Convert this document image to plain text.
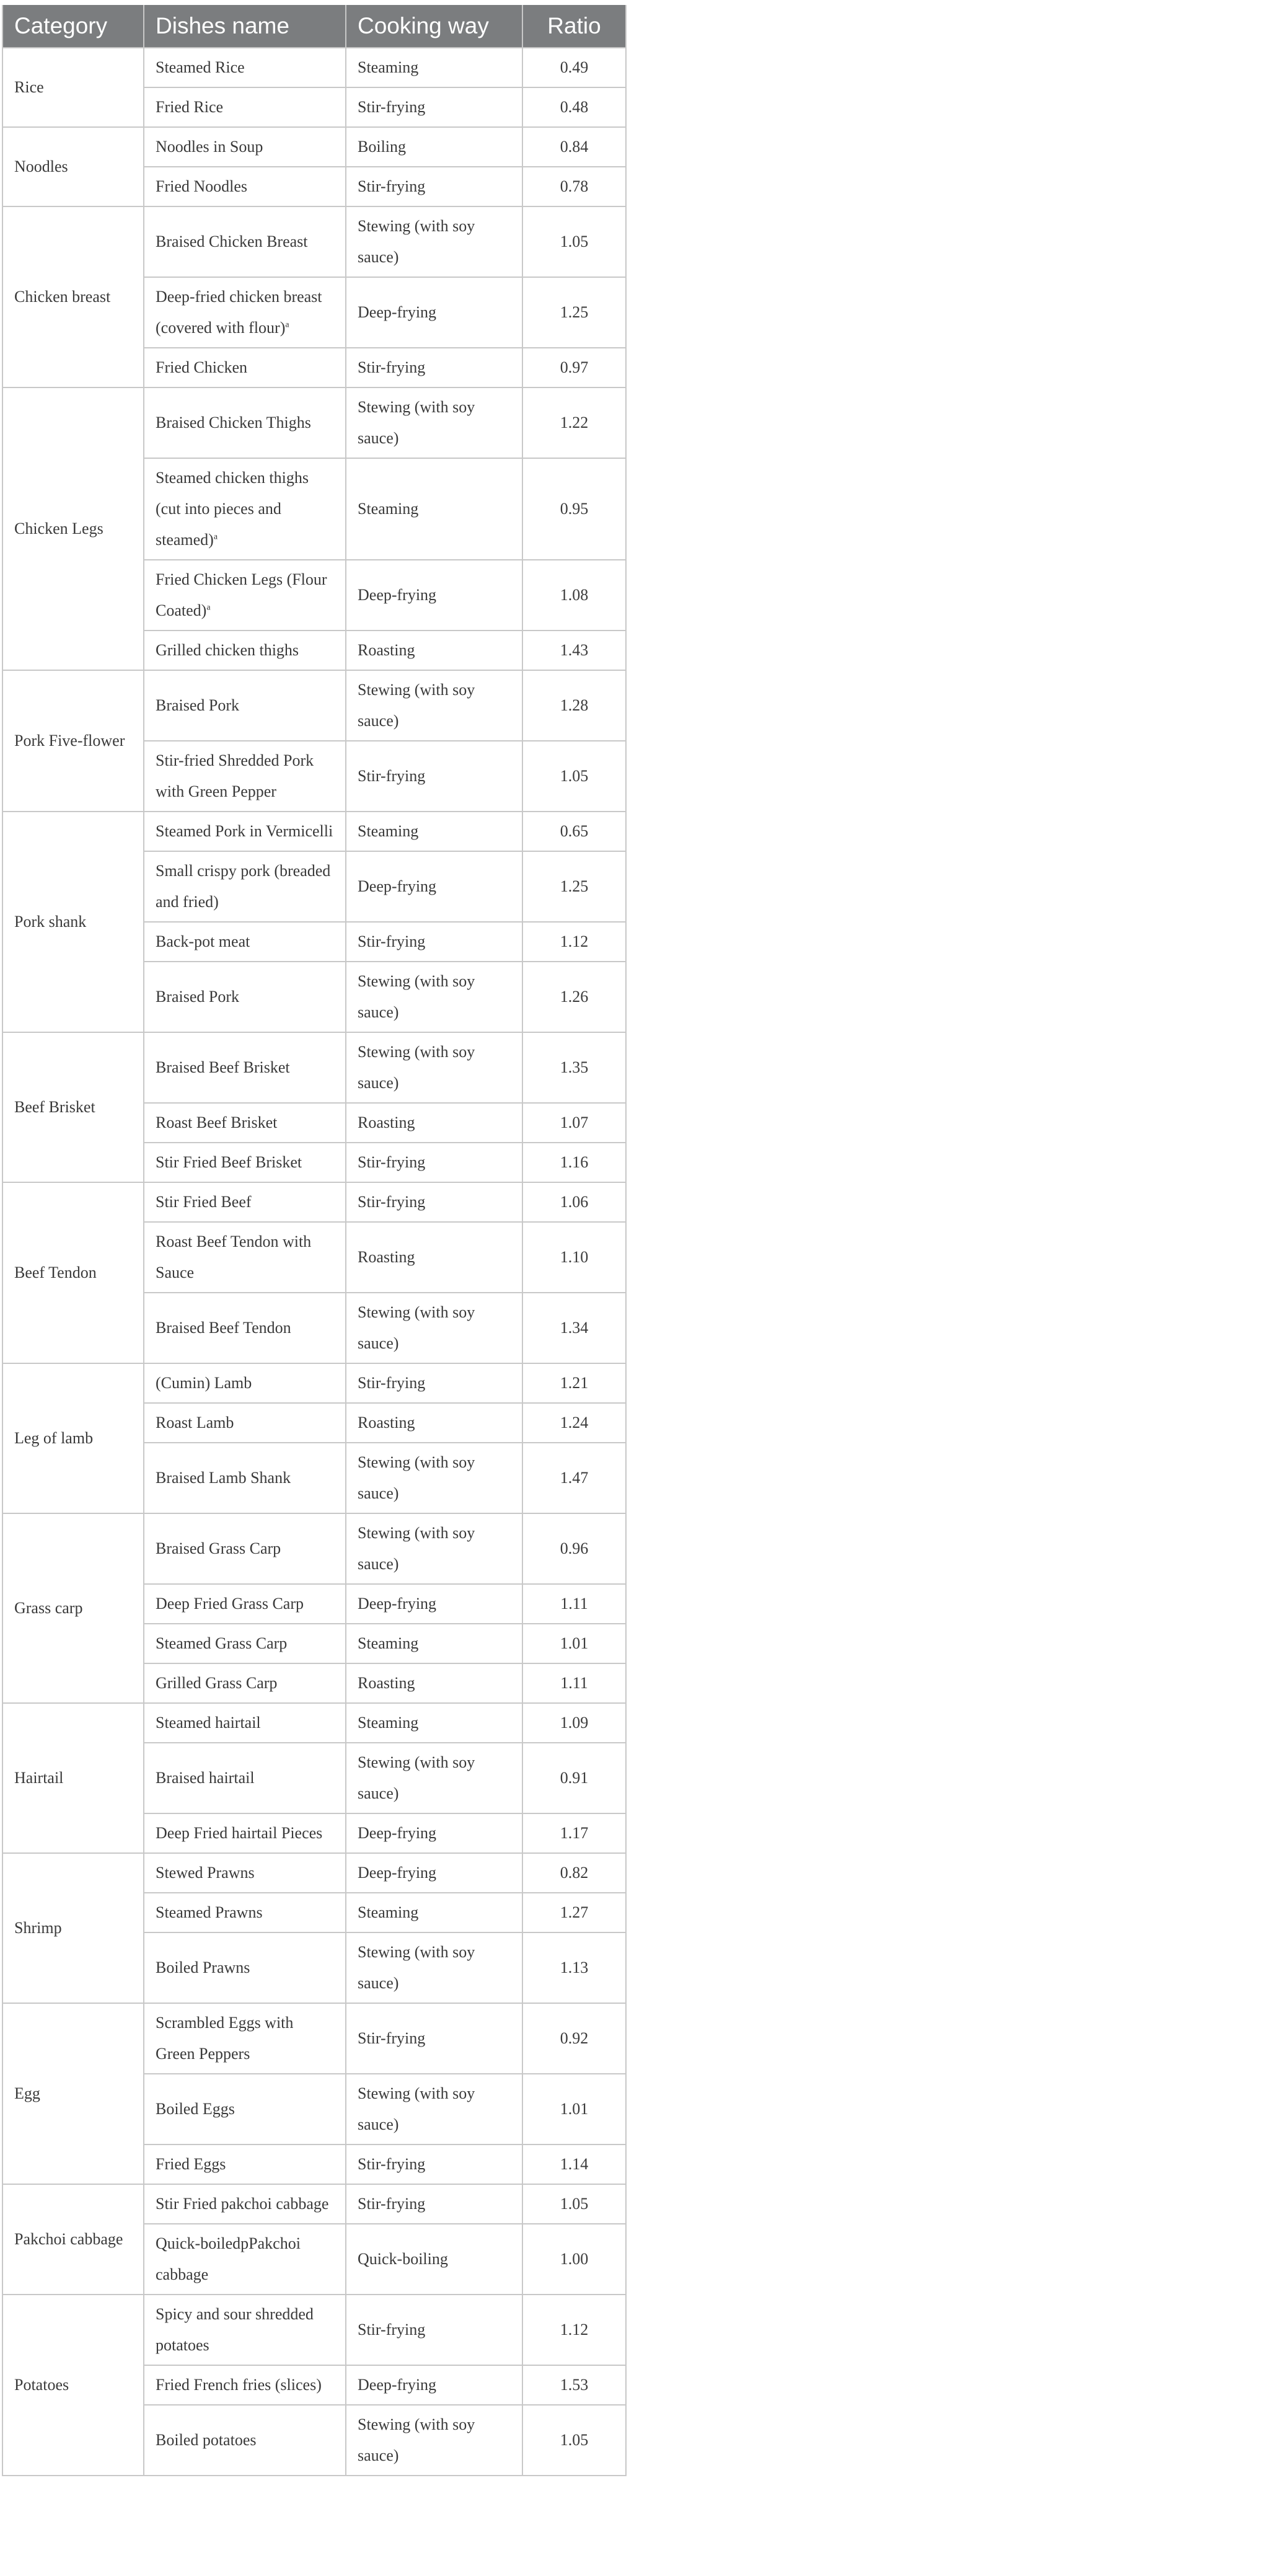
Category	Dishes name	Cooking way	Ratio
Rice	Steamed Rice	Steaming	0.49
	Fried Rice	Stir-frying	0.48
Noodles	Noodles in Soup	Boiling	0.84
	Fried Noodles	Stir-frying	0.78
Chicken breast	Braised Chicken Breast	Stewing (with soy sauce)	1.05
	Deep-fried chicken breast (covered with flour)$^a$	Deep-frying	1.25
	Fried Chicken	Stir-frying	0.97
Chicken Legs	Braised Chicken Thighs	Stewing (with soy sauce)	1.22
	Steamed chicken thighs (cut into pieces and steamed)$^a$	Steaming	0.95
	Fried Chicken Legs (Flour Coated)$^a$	Deep-frying	1.08
	Grilled chicken thighs	Roasting	1.43
Pork Five-flower	Braised Pork	Stewing (with soy sauce)	1.28
	Stir-fried Shredded Pork with Green Pepper	Stir-frying	1.05
Pork shank	Steamed Pork in Vermicelli	Steaming	0.65
	Small crispy pork (breaded and fried)	Deep-frying	1.25
	Back-pot meat	Stir-frying	1.12
	Braised Pork	Stewing (with soy sauce)	1.26
Beef Brisket	Braised Beef Brisket	Stewing (with soy sauce)	1.35
	Roast Beef Brisket	Roasting	1.07
	Stir Fried Beef Brisket	Stir-frying	1.16
Beef Tendon	Stir Fried Beef	Stir-frying	1.06
	Roast Beef Tendon with Sauce	Roasting	1.10
	Braised Beef Tendon	Stewing (with soy sauce)	1.34
Leg of lamb	(Cumin) Lamb	Stir-frying	1.21
	Roast Lamb	Roasting	1.24
	Braised Lamb Shank	Stewing (with soy sauce)	1.47
Grass carp	Braised Grass Carp	Stewing (with soy sauce)	0.96
	Deep Fried Grass Carp	Deep-frying	1.11
	Steamed Grass Carp	Steaming	1.01
	Grilled Grass Carp	Roasting	1.11
Hairtail	Steamed hairtail	Steaming	1.09
	Braised hairtail	Stewing (with soy sauce)	0.91
	Deep Fried hairtail Pieces	Deep-frying	1.17
Shrimp	Stewed Prawns	Deep-frying	0.82
	Steamed Prawns	Steaming	1.27
	Boiled Prawns	Stewing (with soy sauce)	1.13
Egg	Scrambled Eggs with Green Peppers	Stir-frying	0.92
	Boiled Eggs	Stewing (with soy sauce)	1.01
	Fried Eggs	Stir-frying	1.14
Pakchoi cabbage	Stir Fried pakchoi cabbage	Stir-frying	1.05
	Quick-boiledpPakchoi cabbage	Quick-boiling	1.00
Potatoes	Spicy and sour shredded potatoes	Stir-frying	1.12
	Fried French fries (slices)	Deep-frying	1.53
	Boiled potatoes	Stewing (with soy sauce)	1.05
